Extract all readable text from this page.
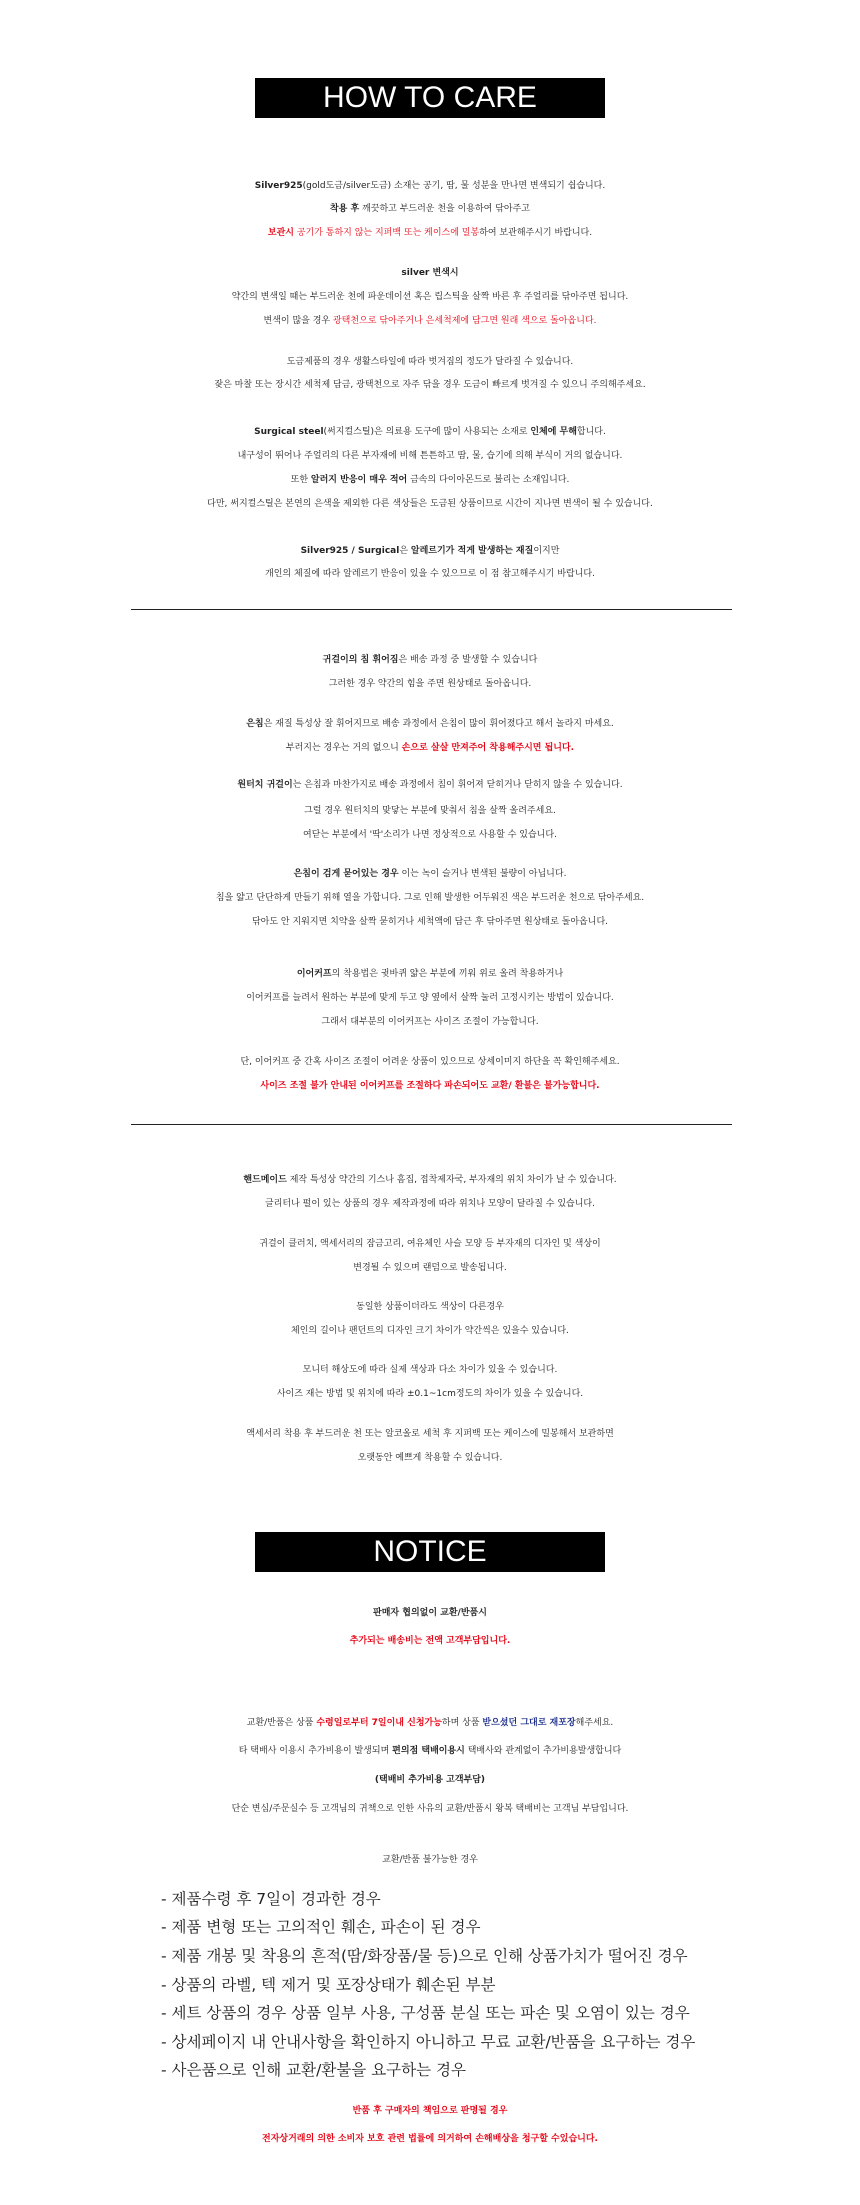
HOW TO CARE
Silver925(gold도금/silver도금) 소재는 공기, 땀, 물 성분을 만나면 변색되기 쉽습니다.
착용 후 깨끗하고 부드러운 천을 이용하여 닦아주고
보관시 공기가 통하지 않는 지퍼백 또는 케이스에 밀봉하여 보관해주시기 바랍니다.
silver 변색시
약간의 변색일 때는 부드러운 천에 파운데이션 혹은 립스틱을 살짝 바른 후 주얼리를 닦아주면 됩니다.
변색이 많을 경우 광택천으로 닦아주거나 은세척제에 담그면 원래 색으로 돌아옵니다.
도금제품의 경우 생활스타일에 따라 벗겨짐의 정도가 달라질 수 있습니다.
잦은 마찰 또는 장시간 세척제 담금, 광택천으로 자주 닦을 경우 도금이 빠르게 벗겨질 수 있으니 주의해주세요.
Surgical steel(써지컬스틸)은 의료용 도구에 많이 사용되는 소재로 인체에 무해합니다.
내구성이 뛰어나 주얼리의 다른 부자재에 비해 튼튼하고 땀, 물, 습기에 의해 부식이 거의 없습니다.
또한 알러지 반응이 매우 적어 금속의 다이아몬드로 불리는 소재입니다.
다만, 써지컬스틸은 본연의 은색을 제외한 다른 색상들은 도금된 상품이므로 시간이 지나면 변색이 될 수 있습니다.
Silver925 / Surgical은 알레르기가 적게 발생하는 재질이지만
개인의 체질에 따라 알레르기 반응이 있을 수 있으므로 이 점 참고해주시기 바랍니다.
귀걸이의 침 휘어짐은 배송 과정 중 발생할 수 있습니다
그러한 경우 약간의 힘을 주면 원상태로 돌아옵니다.
은침은 재질 특성상 잘 휘어지므로 배송 과정에서 은침이 많이 휘어졌다고 해서 놀라지 마세요.
부러지는 경우는 거의 없으니 손으로 살살 만져주어 착용해주시면 됩니다.
원터치 귀걸이는 은침과 마찬가지로 배송 과정에서 침이 휘어져 닫히거나 닫히지 않을 수 있습니다.
그럴 경우 원터치의 맞닿는 부분에 맞춰서 침을 살짝 올려주세요.
여닫는 부분에서 '딱'소리가 나면 정상적으로 사용할 수 있습니다.
은침이 검게 묻어있는 경우 이는 녹이 슬거나 변색된 불량이 아닙니다.
침을 얇고 단단하게 만들기 위해 열을 가합니다. 그로 인해 발생한 어두워진 색은 부드러운 천으로 닦아주세요.
닦아도 안 지워지면 치약을 살짝 묻히거나 세척액에 담근 후 닦아주면 원상태로 돌아옵니다.
이어커프의 착용법은 귓바퀴 얇은 부분에 끼워 위로 올려 착용하거나
이어커프를 늘려서 원하는 부분에 맞게 두고 양 옆에서 살짝 눌러 고정시키는 방법이 있습니다.
그래서 대부분의 이어커프는 사이즈 조절이 가능합니다.
단, 이어커프 중 간혹 사이즈 조절이 어려운 상품이 있으므로 상세이미지 하단을 꼭 확인해주세요.
사이즈 조절 불가 안내된 이어커프를 조절하다 파손되어도 교환/ 환불은 불가능합니다.
핸드메이드 제작 특성상 약간의 기스나 흠집, 접착제자국, 부자재의 위치 차이가 날 수 있습니다.
글리터나 펄이 있는 상품의 경우 제작과정에 따라 위치나 모양이 달라질 수 있습니다.
귀걸이 클러치, 액세서리의 잠금고리, 여유체인 사슬 모양 등 부자재의 디자인 및 색상이
변경될 수 있으며 랜덤으로 발송됩니다.
동일한 상품이더라도 색상이 다른경우
체인의 길이나 팬던트의 디자인 크기 차이가 약간씩은 있을수 있습니다.
모니터 해상도에 따라 실제 색상과 다소 차이가 있을 수 있습니다.
사이즈 재는 방법 및 위치에 따라 ±0.1~1cm정도의 차이가 있을 수 있습니다.
액세서리 착용 후 부드러운 천 또는 알코올로 세척 후 지퍼백 또는 케이스에 밀봉해서 보관하면
오랫동안 예쁘게 착용할 수 있습니다.
NOTICE
판매자 협의없이 교환/반품시
추가되는 배송비는 전액 고객부담입니다.
교환/반품은 상품 수령일로부터 7일이내 신청가능하며 상품 받으셨던 그대로 재포장해주세요.
타 택배사 이용시 추가비용이 발생되며 편의점 택배이용시 택배사와 관계없이 추가비용발생합니다
(택배비 추가비용 고객부담)
단순 변심/주문실수 등 고객님의 귀책으로 인한 사유의 교환/반품시 왕복 택배비는 고객님 부담입니다.
교환/반품 불가능한 경우
- 제품수령 후 7일이 경과한 경우
- 제품 변형 또는 고의적인 훼손, 파손이 된 경우
- 제품 개봉 및 착용의 흔적(땀/화장품/물 등)으로 인해 상품가치가 떨어진 경우
- 상품의 라벨, 텍 제거 및 포장상태가 훼손된 부분
- 세트 상품의 경우 상품 일부 사용, 구성품 분실 또는 파손 및 오염이 있는 경우
- 상세페이지 내 안내사항을 확인하지 아니하고 무료 교환/반품을 요구하는 경우
- 사은품으로 인해 교환/환불을 요구하는 경우
반품 후 구매자의 책임으로 판명될 경우
전자상거래의 의한 소비자 보호 관련 법률에 의거하여 손해배상을 청구할 수있습니다.
